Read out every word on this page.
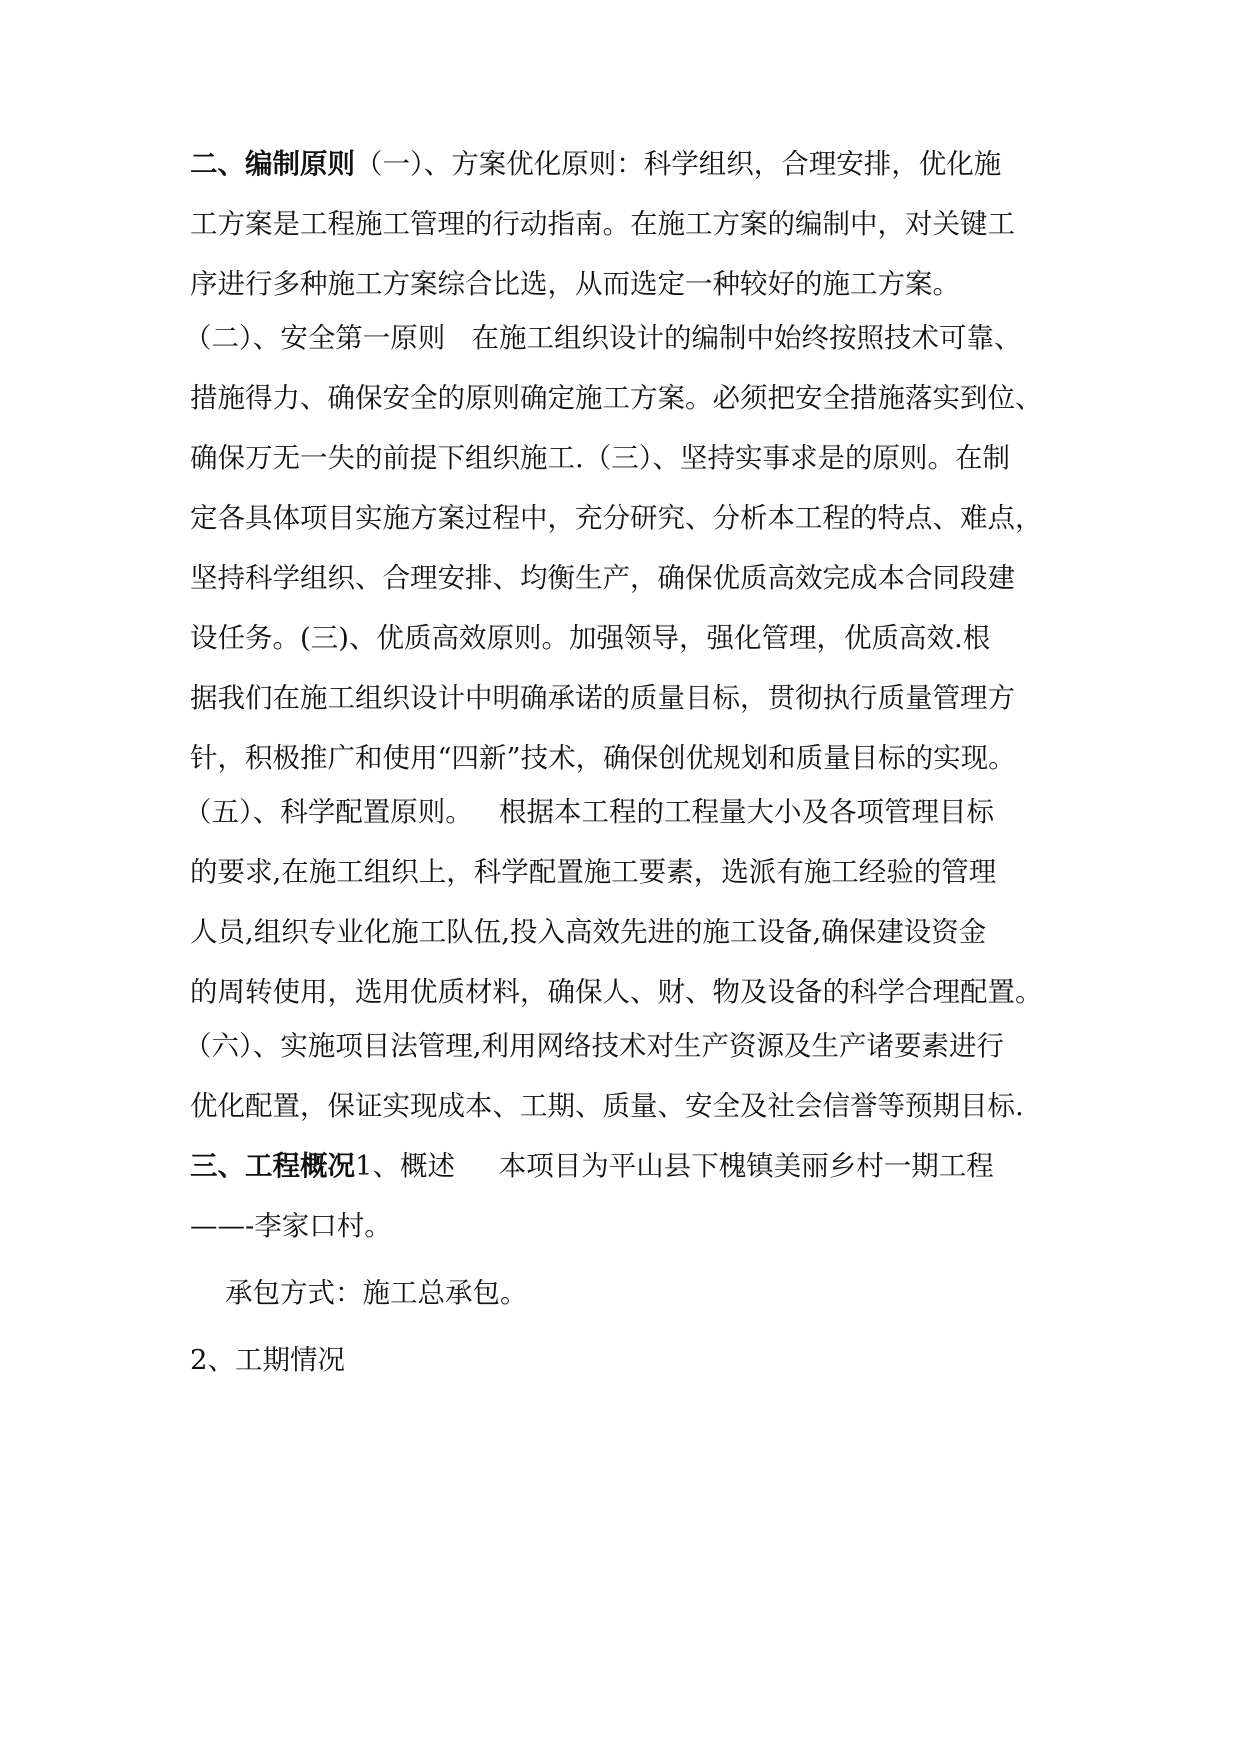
二、编制原则（一）、方案优化原则：科学组织，合理安排，优化施
工方案是工程施工管理的行动指南。在施工方案的编制中，对关键工
序进行多种施工方案综合比选，从而选定一种较好的施工方案。
（二）、安全第一原则   在施工组织设计的编制中始终按照技术可靠、
措施得力、确保安全的原则确定施工方案。必须把安全措施落实到位、
确保万无一失的前提下组织施工.（三）、坚持实事求是的原则。在制
定各具体项目实施方案过程中，充分研究、分析本工程的特点、难点，
坚持科学组织、合理安排、均衡生产，确保优质高效完成本合同段建
设任务。(三)、优质高效原则。加强领导，强化管理，优质高效.根
据我们在施工组织设计中明确承诺的质量目标，贯彻执行质量管理方
针，积极推广和使用“四新”技术，确保创优规划和质量目标的实现。
（五）、科学配置原则。   根据本工程的工程量大小及各项管理目标
的要求,在施工组织上，科学配置施工要素，选派有施工经验的管理
人员,组织专业化施工队伍,投入高效先进的施工设备,确保建设资金
的周转使用，选用优质材料，确保人、财、物及设备的科学合理配置。
（六）、实施项目法管理,利用网络技术对生产资源及生产诸要素进行
优化配置，保证实现成本、工期、质量、安全及社会信誉等预期目标.
三、工程概况1、概述     本项目为平山县下槐镇美丽乡村一期工程
——-李家口村。
承包方式：施工总承包。
2、工期情况
